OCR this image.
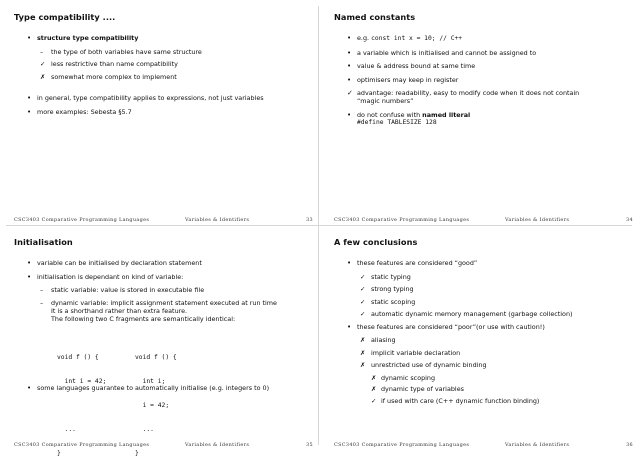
Type compatibility ....
• structure type compatibility
– the type of both variables have same structure
✓ less restrictive than name compatibility
✗ somewhat more complex to implement
• in general, type compatibility applies to expressions, not just variables
• more examples: Sebesta §5.7
CSC3403 Comparative Programming Languages	Variables & Identifiers	33
Named constants
• e.g. const int x = 10; // C++
• a variable which is initialised and cannot be assigned to
• value & address bound at same time
• optimisers may keep in register
✓ advantage: readability, easy to modify code when it does not contain
“magic numbers”
• do not confuse with named literal
#define TABLESIZE 128
CSC3403 Comparative Programming Languages	Variables & Identifiers	34
Initialisation
• variable can be initialised by declaration statement
• initialisation is dependant on kind of variable:
– static variable: value is stored in executable file
– dynamic variable: implicit assignment statement executed at run time
It is a shorthand rather than extra feature.
The following two C fragments are semantically identical:

void f () {

int i = 42;

...

}

void f () {

int i;

i = 42;

...

}

• some languages guarantee to automatically initialise (e.g. integers to 0)
CSC3403 Comparative Programming Languages	Variables & Identifiers	35
A few conclusions
• these features are considered “good”
✓ static typing
✓ strong typing
✓ static scoping
✓ automatic dynamic memory management (garbage collection)
• these features are considered “poor”(or use with caution!)
✗ aliasing
✗ implicit variable declaration
✗ unrestricted use of dynamic binding
✗ dynamic scoping
✗ dynamic type of variables
✓ if used with care (C++ dynamic function binding)
CSC3403 Comparative Programming Languages	Variables & Identifiers	36
